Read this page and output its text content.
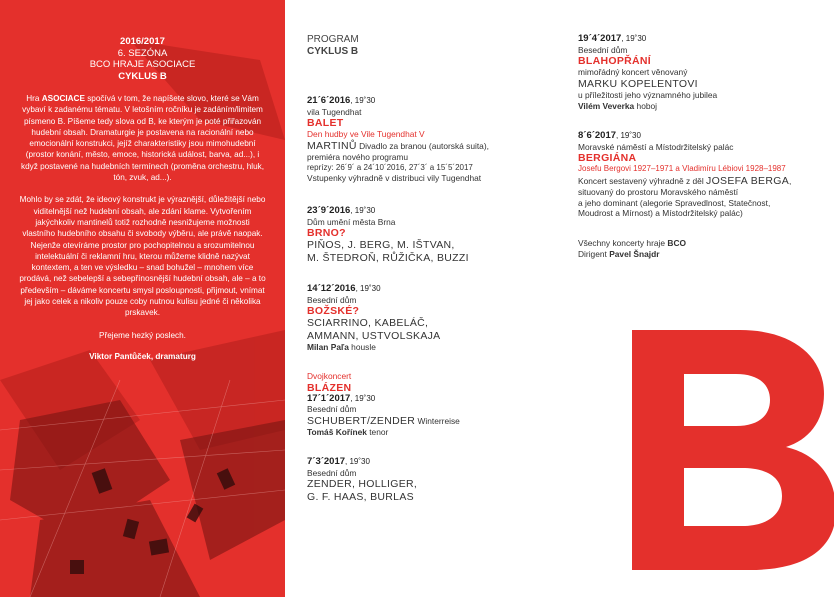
2016/2017
6. SEZÓNA
BCO HRAJE ASOCIACE
CYKLUS B
Hra ASOCIACE spočívá v tom, že napíšete slovo, které se Vám vybaví k zadanému tématu. V letošním ročníku je zadáním/limitem písmeno B. Píšeme tedy slova od B, ke kterým je poté přiřazován hudební obsah. Dramaturgie je postavena na racionální nebo emocionální konstrukci, jejíž charakteristiky jsou mimohudební (prostor konání, město, emoce, historická událost, barva, ad...), i když postavené na hudebních termínech (proměna orchestru, hluk, tón, zvuk, ad...).
Mohlo by se zdát, že ideový konstrukt je výraznější, důležitější nebo viditelnější než hudební obsah, ale zdání klame. Vytvořením jakýchkoliv mantinelů totiž rozhodně nesnižujeme možnosti vlastního hudebního obsahu či svobody výběru, ale právě naopak. Nejenže otevíráme prostor pro pochopitelnou a srozumitelnou intelektuální či reklamní hru, kterou můžeme klidně nazývat kontextem, a ten ve výsledku – snad bohužel – mnohem více prodává, než sebelepší a sebepřínosnější hudební obsah, ale – a to především – dáváme koncertu smysl posloupnosti, přijmout, vnímat jej jako celek a nikoliv pouze coby nutnou kulisu jedné či několika prskavek.
Přejeme hezký poslech.
Viktor Pantůček, dramaturg
PROGRAM
CYKLUS B
21´6´2016, 19˚30
vila Tugendhat
BALET
Den hudby ve Vile Tugendhat V
MARTINŮ Divadlo za branou (autorská suita),
premiéra nového programu
reprízy: 26´9´ a 24´10´2016, 27´3´ a 15´5´2017
Vstupenky výhradně v distribuci vily Tugendhat
23´9´2016, 19˚30
Dům umění města Brna
BRNO?
PIŇOS, J. BERG, M. IŠTVAN,
M. ŠTEDROŇ, RŮŽIČKA, BUZZI
14´12´2016, 19˚30
Besední dům
BOŽSKÉ?
SCIARRINO, KABELÁČ,
AMMANN, USTVOLSKAJA
Milan Paľa housle
Dvojkoncert
BLÁZEN
17´1´2017, 19˚30
Besední dům
SCHUBERT/ZENDER Winterreise
Tomáš Kořínek tenor
7´3´2017, 19˚30
Besední dům
ZENDER, HOLLIGER,
G. F. HAAS, BURLAS
19´4´2017, 19˚30
Besední dům
BLAHOPŘÁNÍ
mimořádný koncert věnovaný
MARKU KOPELENTOVI
u příležitosti jeho významného jubilea
Vilém Veverka hoboj
8´6´2017, 19˚30
Moravské náměstí a Místodržitelský palác
BERGIÁNA
Josefu Bergovi 1927–1971 a Vladimíru Lébiovi 1928–1987
Koncert sestavený výhradně z děl JOSEFA BERGA,
situovaný do prostoru Moravského náměstí
a jeho dominant (alegorie Spravedlnost, Statečnost,
Moudrost a Mírnost) a Místodržitelský palác)
Všechny koncerty hraje BCO
Dirigent Pavel Šnajdr
